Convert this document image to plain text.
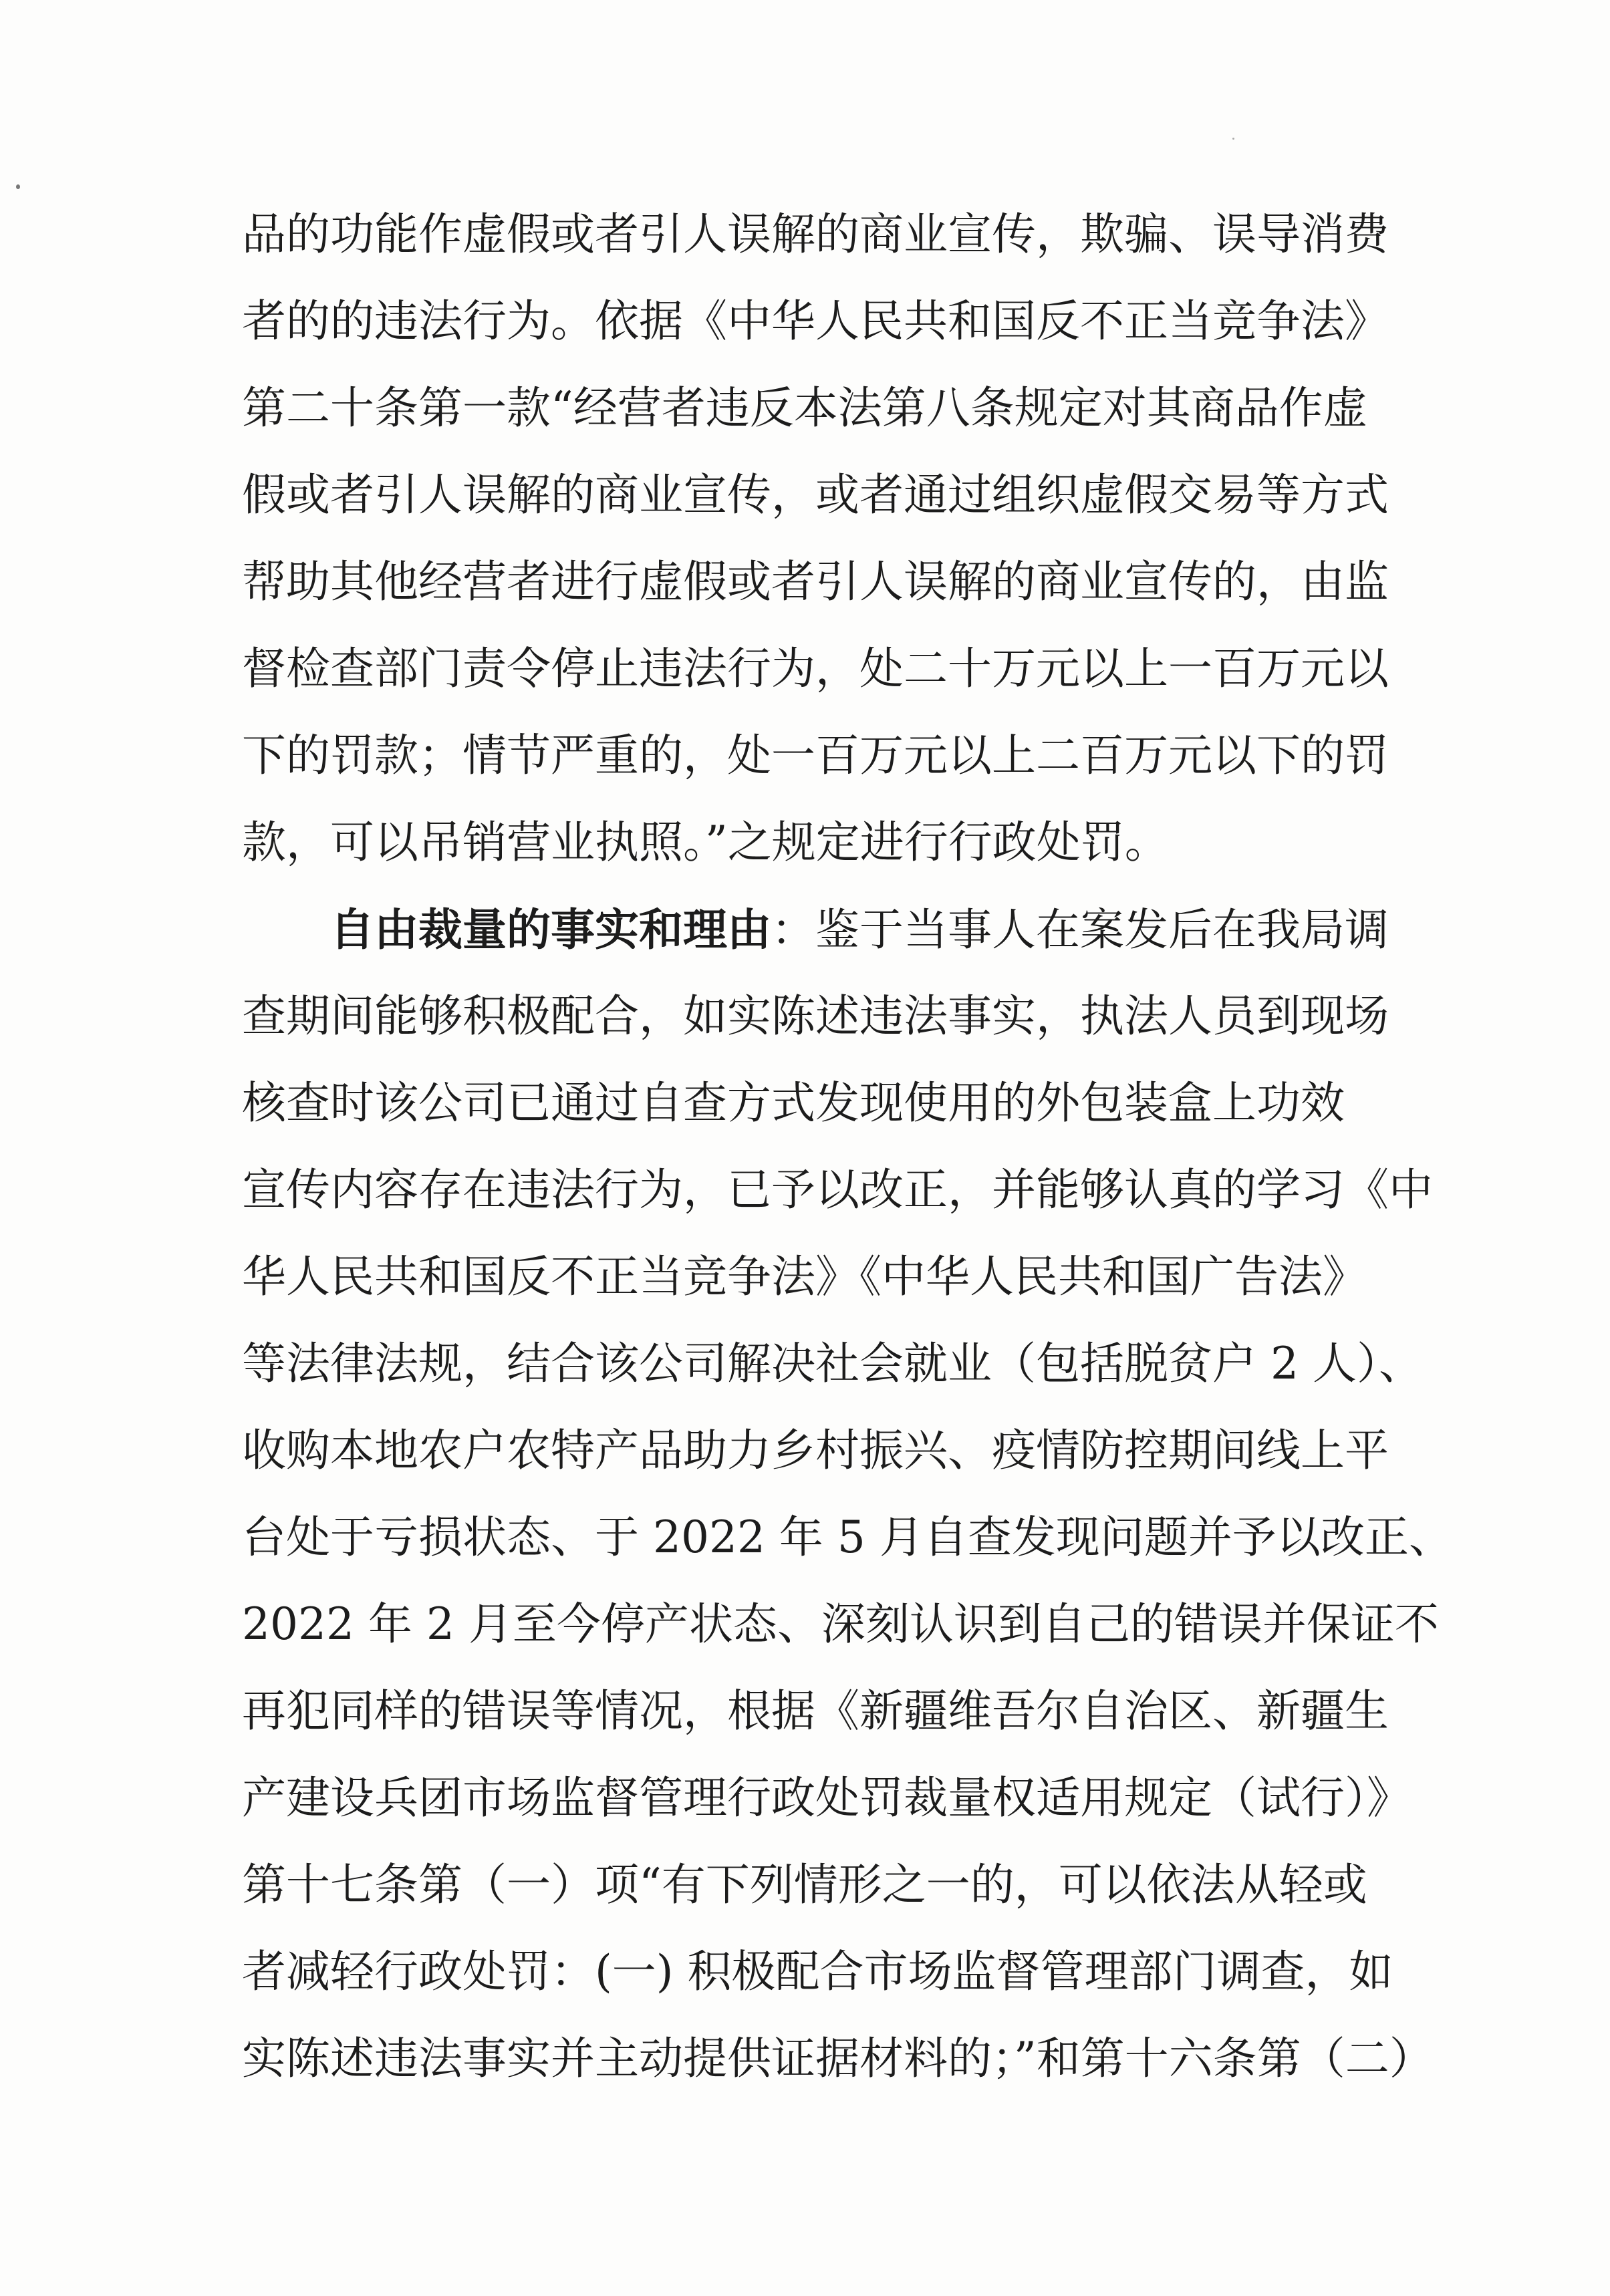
品的功能作虚假或者引人误解的商业宣传，欺骗、误导消费
者的的违法行为。依据《中华人民共和国反不正当竞争法》
第二十条第一款“经营者违反本法第八条规定对其商品作虚
假或者引人误解的商业宣传，或者通过组织虚假交易等方式
帮助其他经营者进行虚假或者引人误解的商业宣传的，由监
督检查部门责令停止违法行为，处二十万元以上一百万元以
下的罚款；情节严重的，处一百万元以上二百万元以下的罚
款，可以吊销营业执照。”之规定进行行政处罚。
自由裁量的事实和理由：鉴于当事人在案发后在我局调
查期间能够积极配合，如实陈述违法事实，执法人员到现场
核查时该公司已通过自查方式发现使用的外包装盒上功效
宣传内容存在违法行为，已予以改正，并能够认真的学习《中
华人民共和国反不正当竞争法》《中华人民共和国广告法》
等法律法规，结合该公司解决社会就业（包括脱贫户 2 人）、
收购本地农户农特产品助力乡村振兴、疫情防控期间线上平
台处于亏损状态、于 2022 年 5 月自查发现问题并予以改正、
2022 年 2 月至今停产状态、深刻认识到自己的错误并保证不
再犯同样的错误等情况，根据《新疆维吾尔自治区、新疆生
产建设兵团市场监督管理行政处罚裁量权适用规定（试行）》
第十七条第（一）项“有下列情形之一的，可以依法从轻或
者减轻行政处罚：(一) 积极配合市场监督管理部门调查，如
实陈述违法事实并主动提供证据材料的；”和第十六条第（二）
